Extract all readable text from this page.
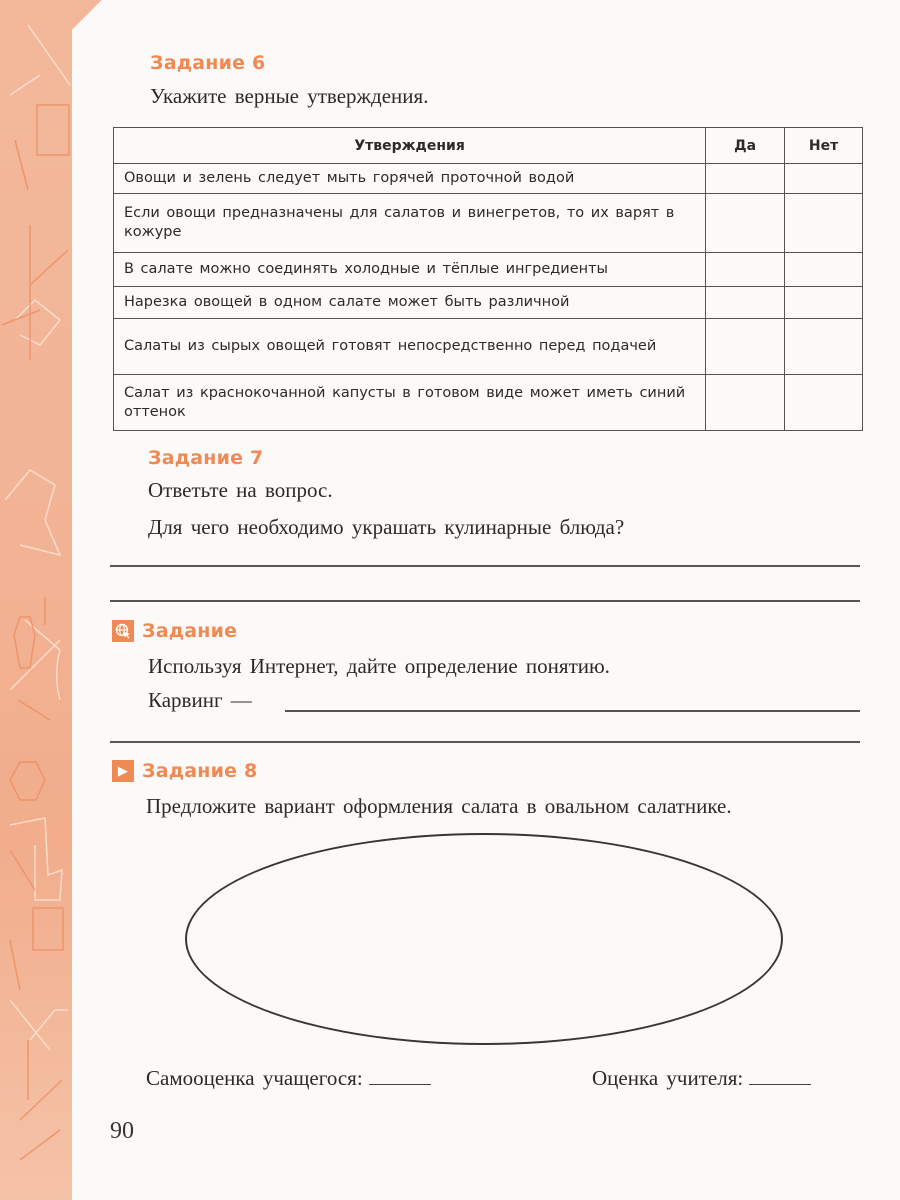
Задание 6
Укажите верные утверждения.
Утверждения	Да	Нет
Овощи и зелень следует мыть горячей проточной водой		
Если овощи предназначены для салатов и винегретов, то их варят в кожуре		
В салате можно соединять холодные и тёплые ингредиенты		
Нарезка овощей в одном салате может быть различной		
Салаты из сырых овощей готовят непосредственно перед подачей		
Салат из краснокочанной капусты в готовом виде может иметь синий оттенок		
Задание 7
Ответьте на вопрос.
Для чего необходимо украшать кулинарные блюда?
Задание
Используя Интернет, дайте определение понятию.
Карвинг —
▶ Задание 8
Предложите вариант оформления салата в овальном салатнике.
Самооценка учащегося:	Оценка учителя:
90
